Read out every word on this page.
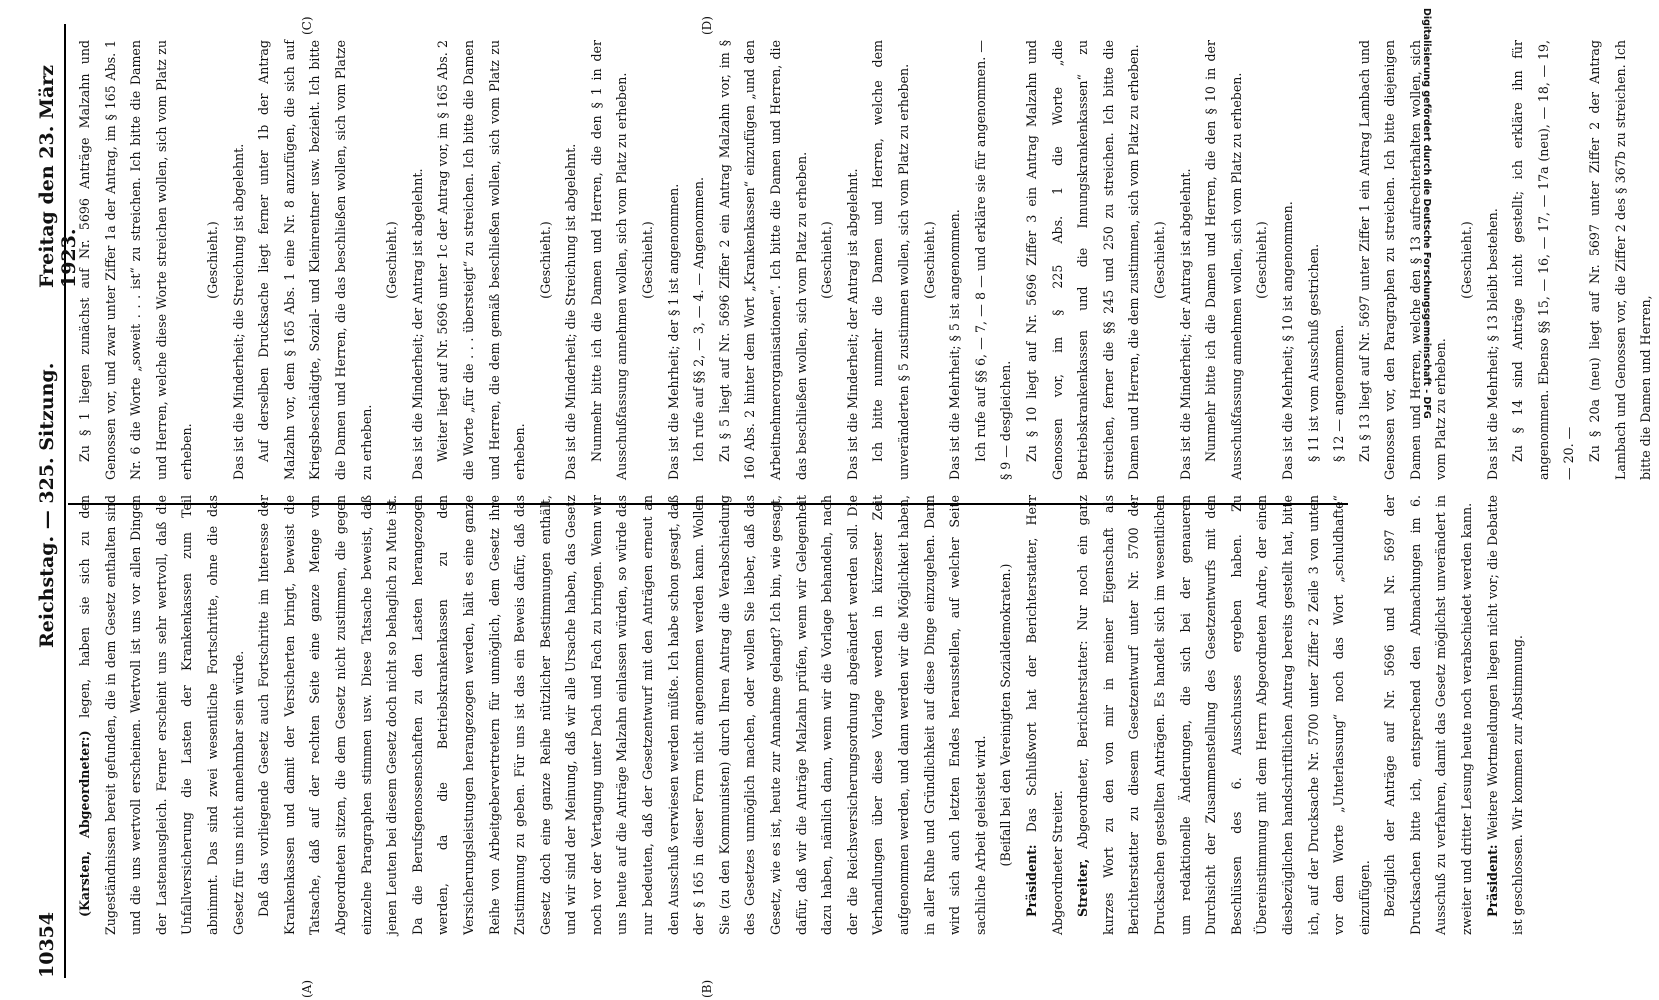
10354
Reichstag. — 325. Sitzung.
Freitag den 23. März 1923.
(A)	(B)
(C)	(D)

(Karsten, Abgeordneter:) legen, haben sie sich zu den Zugeständnissen bereit gefunden, die in dem Gesetz enthalten sind und die uns wertvoll erscheinen. Wertvoll ist uns vor allen Dingen der Lastenausgleich. Ferner erscheint uns sehr wertvoll, daß die Unfallversicherung die Lasten der Krankenkassen zum Teil abnimmt. Das sind zwei wesentliche Fortschritte, ohne die das Gesetz für uns nicht annehmbar sein würde. Daß das vorliegende Gesetz auch Fortschritte im Interesse der Krankenkassen und damit der Versicherten bringt, beweist die Tatsache, daß auf der rechten Seite eine ganze Menge von Abgeordneten sitzen, die dem Gesetz nicht zustimmen, die gegen einzelne Paragraphen stimmen usw. Diese Tatsache beweist, daß jenen Leuten bei diesem Gesetz doch nicht so behaglich zu Mute ist. Da die Berufsgenossenschaften zu den Lasten herangezogen werden, da die Betriebskrankenkassen zu den Versicherungsleistungen herangezogen werden, hält es eine ganze Reihe von Arbeitgebervertretern für unmöglich, dem Gesetz ihre Zustimmung zu geben. Für uns ist das ein Beweis dafür, daß das Gesetz doch eine ganze Reihe nützlicher Bestimmungen enthält, und wir sind der Meinung, daß wir alle Ursache haben, das Gesetz noch vor der Vertagung unter Dach und Fach zu bringen. Wenn wir uns heute auf die Anträge Malzahn einlassen würden, so würde das nur bedeuten, daß der Gesetzentwurf mit den Anträgen erneut an den Ausschuß verwiesen werden müßte. Ich habe schon gesagt, daß der § 165 in dieser Form nicht angenommen werden kann. Wollen Sie (zu den Kommunisten) durch Ihren Antrag die Verabschiedung des Gesetzes unmöglich machen, oder wollen Sie lieber, daß das Gesetz, wie es ist, heute zur Annahme gelangt? Ich bin, wie gesagt, dafür, daß wir die Anträge Malzahn prüfen, wenn wir Gelegenheit dazu haben, nämlich dann, wenn wir die Vorlage behandeln, nach der die Reichsversicherungsordnung abgeändert werden soll. Die Verhandlungen über diese Vorlage werden in kürzester Zeit aufgenommen werden, und dann werden wir die Möglichkeit haben, in aller Ruhe und Gründlichkeit auf diese Dinge einzugehen. Dann wird sich auch letzten Endes herausstellen, auf welcher Seite sachliche Arbeit geleistet wird. (Beifall bei den Vereinigten Sozialdemokraten.)

Präsident: Das Schlußwort hat der Berichterstatter, Herr Abgeordneter Streiter. Streiter, Abgeordneter, Berichterstatter: Nur noch ein ganz kurzes Wort zu den von mir in meiner Eigenschaft als Berichterstatter zu diesem Gesetzentwurf unter Nr. 5700 der Drucksachen gestellten Anträgen. Es handelt sich im wesentlichen um redaktionelle Änderungen, die sich bei der genaueren Durchsicht der Zusammenstellung des Gesetzentwurfs mit den Beschlüssen des 6. Ausschusses ergeben haben. Zu Übereinstimmung mit dem Herrn Abgeordneten Andre, der einen diesbezüglichen handschriftlichen Antrag bereits gestellt hat, bitte ich, auf der Drucksache Nr. 5700 unter Ziffer 2 Zeile 3 von unten vor dem Worte „Unterlassung“ noch das Wort „schuldhafte“ einzufügen. Bezüglich der Anträge auf Nr. 5696 und Nr. 5697 der Drucksachen bitte ich, entsprechend den Abmachungen im 6. Ausschuß zu verfahren, damit das Gesetz möglichst unverändert in zweiter und dritter Lesung heute noch verabschiedet werden kann. Präsident: Weitere Wortmeldungen liegen nicht vor; die Debatte ist geschlossen. Wir kommen zur Abstimmung.

Zu § 1 liegen zunächst auf Nr. 5696 Anträge Malzahn und Genossen vor, und zwar unter Ziffer 1a der Antrag, im § 165 Abs. 1 Nr. 6 die Worte „soweit . . . ist“ zu streichen. Ich bitte die Damen und Herren, welche diese Worte streichen wollen, sich vom Platz zu erheben.

(Geschieht.) Das ist die Minderheit; die Streichung ist abgelehnt. Auf derselben Drucksache liegt ferner unter 1b der Antrag Malzahn vor, dem § 165 Abs. 1 eine Nr. 8 anzufügen, die sich auf Kriegsbeschädigte, Sozial- und Kleinrentner usw. bezieht. Ich bitte die Damen und Herren, die das beschließen wollen, sich vom Platze zu erheben.

(Geschieht.) Das ist die Minderheit; der Antrag ist abgelehnt. Weiter liegt auf Nr. 5696 unter 1c der Antrag vor, im § 165 Abs. 2 die Worte „für die . . . übersteigt“ zu streichen. Ich bitte die Damen und Herren, die dem gemäß beschließen wollen, sich vom Platz zu erheben.

(Geschieht.) Das ist die Minderheit; die Streichung ist abgelehnt. Nunmehr bitte ich die Damen und Herren, die den § 1 in der Ausschußfassung annehmen wollen, sich vom Platz zu erheben. (Geschieht.) Das ist die Mehrheit; der § 1 ist angenommen. Ich rufe auf §§ 2, — 3, — 4. — Angenommen. Zu § 5 liegt auf Nr. 5696 Ziffer 2 ein Antrag Malzahn vor, im § 160 Abs. 2 hinter dem Wort „Krankenkassen“ einzufügen „und den Arbeitnehmerorganisationen“. Ich bitte die Damen und Herren, die das beschließen wollen, sich vom Platz zu erheben. (Geschieht.) Das ist die Minderheit; der Antrag ist abgelehnt. Ich bitte nunmehr die Damen und Herren, welche dem unveränderten § 5 zustimmen wollen, sich vom Platz zu erheben. (Geschieht.) Das ist die Mehrheit; § 5 ist angenommen. Ich rufe auf §§ 6, — 7, — 8 — und erkläre sie für angenommen. — § 9 — desgleichen. Zu § 10 liegt auf Nr. 5696 Ziffer 3 ein Antrag Malzahn und Genossen vor, im § 225 Abs. 1 die Worte „die Betriebskrankenkassen und die Innungskrankenkassen“ zu streichen, ferner die §§ 245 und 250 zu streichen. Ich bitte die Damen und Herren, die dem zustimmen, sich vom Platz zu erheben. (Geschieht.) Das ist die Minderheit; der Antrag ist abgelehnt. Nunmehr bitte ich die Damen und Herren, die den § 10 in der Ausschußfassung annehmen wollen, sich vom Platz zu erheben. (Geschieht.) Das ist die Mehrheit; § 10 ist angenommen. § 11 ist vom Ausschuß gestrichen. § 12 — angenommen. Zu § 13 liegt auf Nr. 5697 unter Ziffer 1 ein Antrag Lambach und Genossen vor, den Paragraphen zu streichen. Ich bitte diejenigen Damen und Herren, welche den § 13 aufrechterhalten wollen, sich vom Platz zu erheben.

(Geschieht.) Das ist die Mehrheit; § 13 bleibt bestehen. Zu § 14 sind Anträge nicht gestellt; ich erkläre ihn für angenommen. Ebenso §§ 15, — 16, — 17, — 17a (neu), — 18, — 19, — 20. — Zu § 20a (neu) liegt auf Nr. 5697 unter Ziffer 2 der Antrag Lambach und Genossen vor, die Ziffer 2 des § 367b zu streichen. Ich bitte die Damen und Herren,

Digitalisierung gefördert durch die Deutsche Forschungsgemeinschaft - DFG
